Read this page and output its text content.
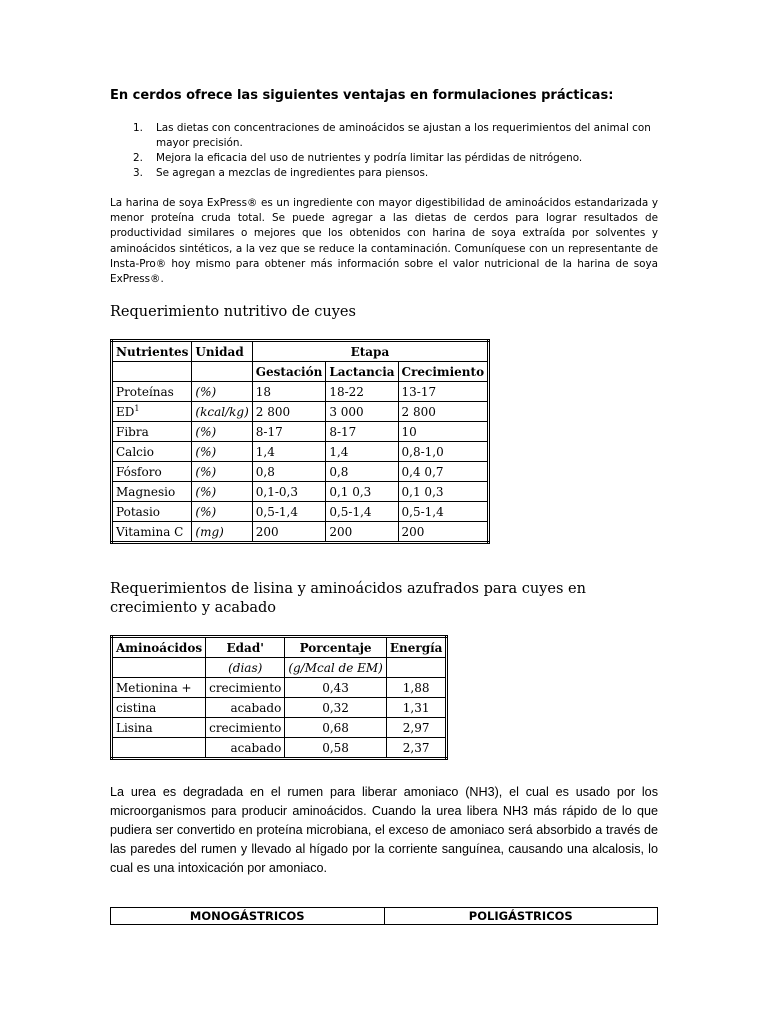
En cerdos ofrece las siguientes ventajas en formulaciones prácticas:
1. Las dietas con concentraciones de aminoácidos se ajustan a los requerimientos del animal con mayor precisión.
2. Mejora la eficacia del uso de nutrientes y podría limitar las pérdidas de nitrógeno.
3. Se agregan a mezclas de ingredientes para piensos.

La harina de soya ExPress® es un ingrediente con mayor digestibilidad de aminoácidos estandarizada y menor proteína cruda total. Se puede agregar a las dietas de cerdos para lograr resultados de productividad similares o mejores que los obtenidos con harina de soya extraída por solventes y aminoácidos sintéticos, a la vez que se reduce la contaminación. Comuníquese con un representante de Insta-Pro® hoy mismo para obtener más información sobre el valor nutricional de la harina de soya ExPress®.

Requerimiento nutritivo de cuyes
Nutrientes	Unidad	Etapa		
		Gestación	Lactancia	Crecimiento
Proteínas	(%)	18	18-22	13-17
$ED^1$	(kcal/kg)	2 800	3 000	2 800
Fibra	(%)	8-17	8-17	10
Calcio	(%)	1,4	1,4	0,8-1,0
Fósforo	(%)	0,8	0,8	0,4 0,7
Magnesio	(%)	0,1-0,3	0,1 0,3	0,1 0,3
Potasio	(%)	0,5-1,4	0,5-1,4	0,5-1,4
Vitamina C	(mg)	200	200	200
Requerimientos de lisina y aminoácidos azufrados para cuyes en
crecimiento y acabado
Aminoácidos	Edad'	Porcentaje	Energía
	(dias)	(g/Mcal de EM)	
Metionina +	crecimiento	0,43	1,88
cistina	acabado	0,32	1,31
Lisina	crecimiento	0,68	2,97
	acabado	0,58	2,37

La urea es degradada en el rumen para liberar amoniaco (NH3), el cual es usado por los microorganismos para producir aminoácidos. Cuando la urea libera NH3 más rápido de lo que pudiera ser convertido en proteína microbiana, el exceso de amoniaco será absorbido a través de las paredes del rumen y llevado al hígado por la corriente sanguínea, causando una alcalosis, lo cual es una intoxicación por amoniaco.

MONOGÁSTRICOS	POLIGÁSTRICOS
